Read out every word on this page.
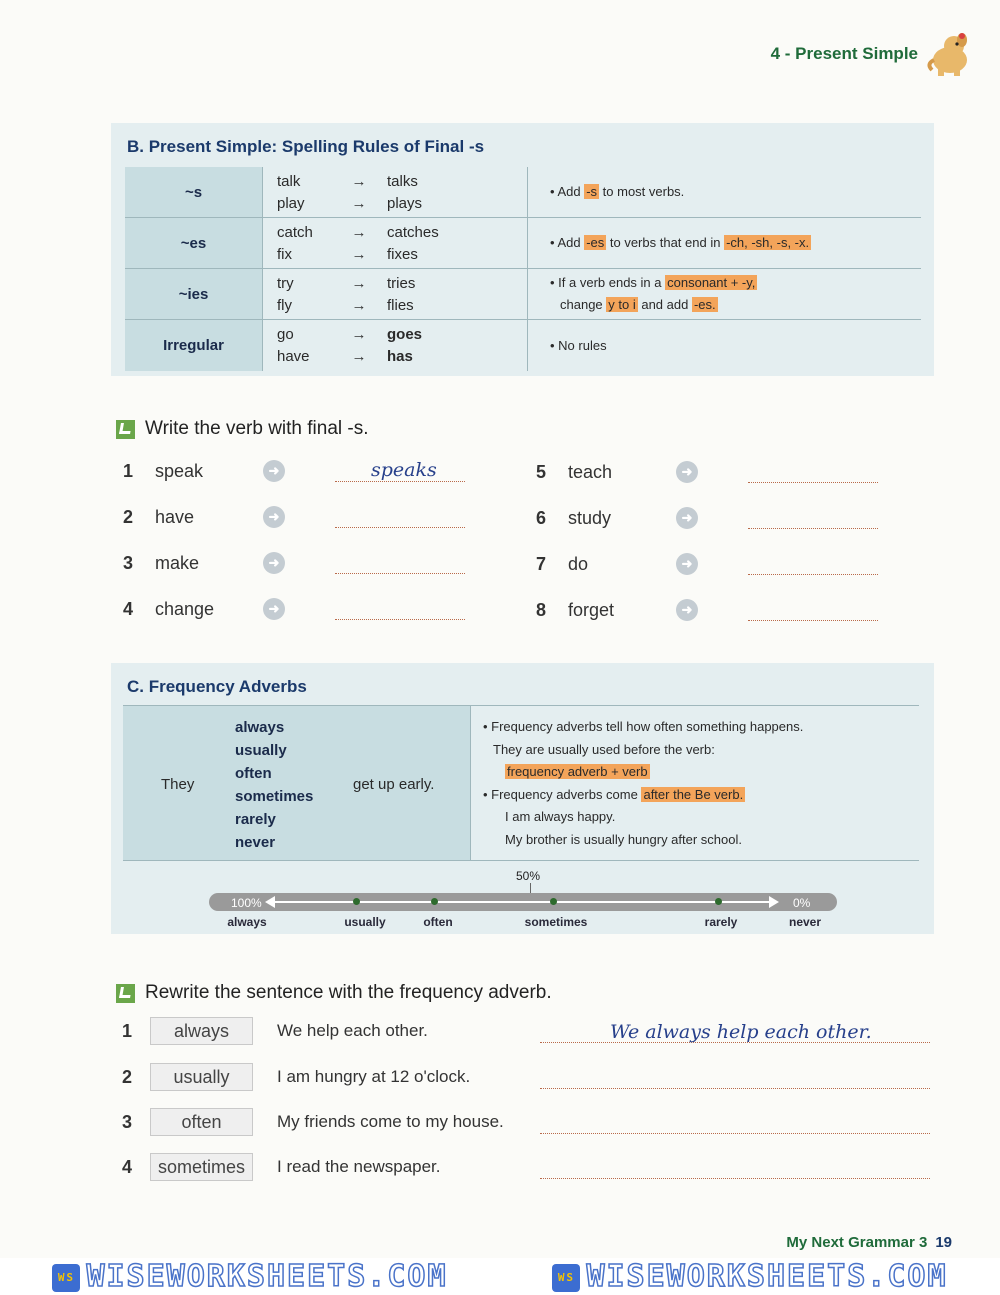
4 - Present Simple
B. Present Simple: Spelling Rules of Final -s
~s
talk	→	talks
play	→	plays
• Add -s to most verbs.
~es
catch	→	catches
fix	→	fixes
• Add -es to verbs that end in -ch, -sh, -s, -x.
~ies
try	→	tries
fly	→	flies
• If a verb ends in a consonant + -y,
change y to i and add -es.
Irregular
go	→	goes
have	→	has
• No rules
Write the verb with final -s.
1	speak	➜	speaks
2	have	➜
3	make	➜
4	change	➜
5	teach	➜
6	study	➜
7	do	➜
8	forget	➜
C. Frequency Adverbs
They
always
usually
often
sometimes
rarely
never
get up early.
• Frequency adverbs tell how often something happens.
They are usually used before the verb:
frequency adverb + verb
• Frequency adverbs come after the Be verb.
I am always happy.
My brother is usually hungry after school.
50%
100%	0%
always	usually	often	sometimes	rarely	never
Rewrite the sentence with the frequency adverb.
1	always	We help each other.	We always help each other.
2	usually	I am hungry at 12 o'clock.
3	often	My friends come to my house.
4	sometimes	I read the newspaper.
My Next Grammar 3 19
WS WISEWORKSHEETS.COM	WS WISEWORKSHEETS.COM
